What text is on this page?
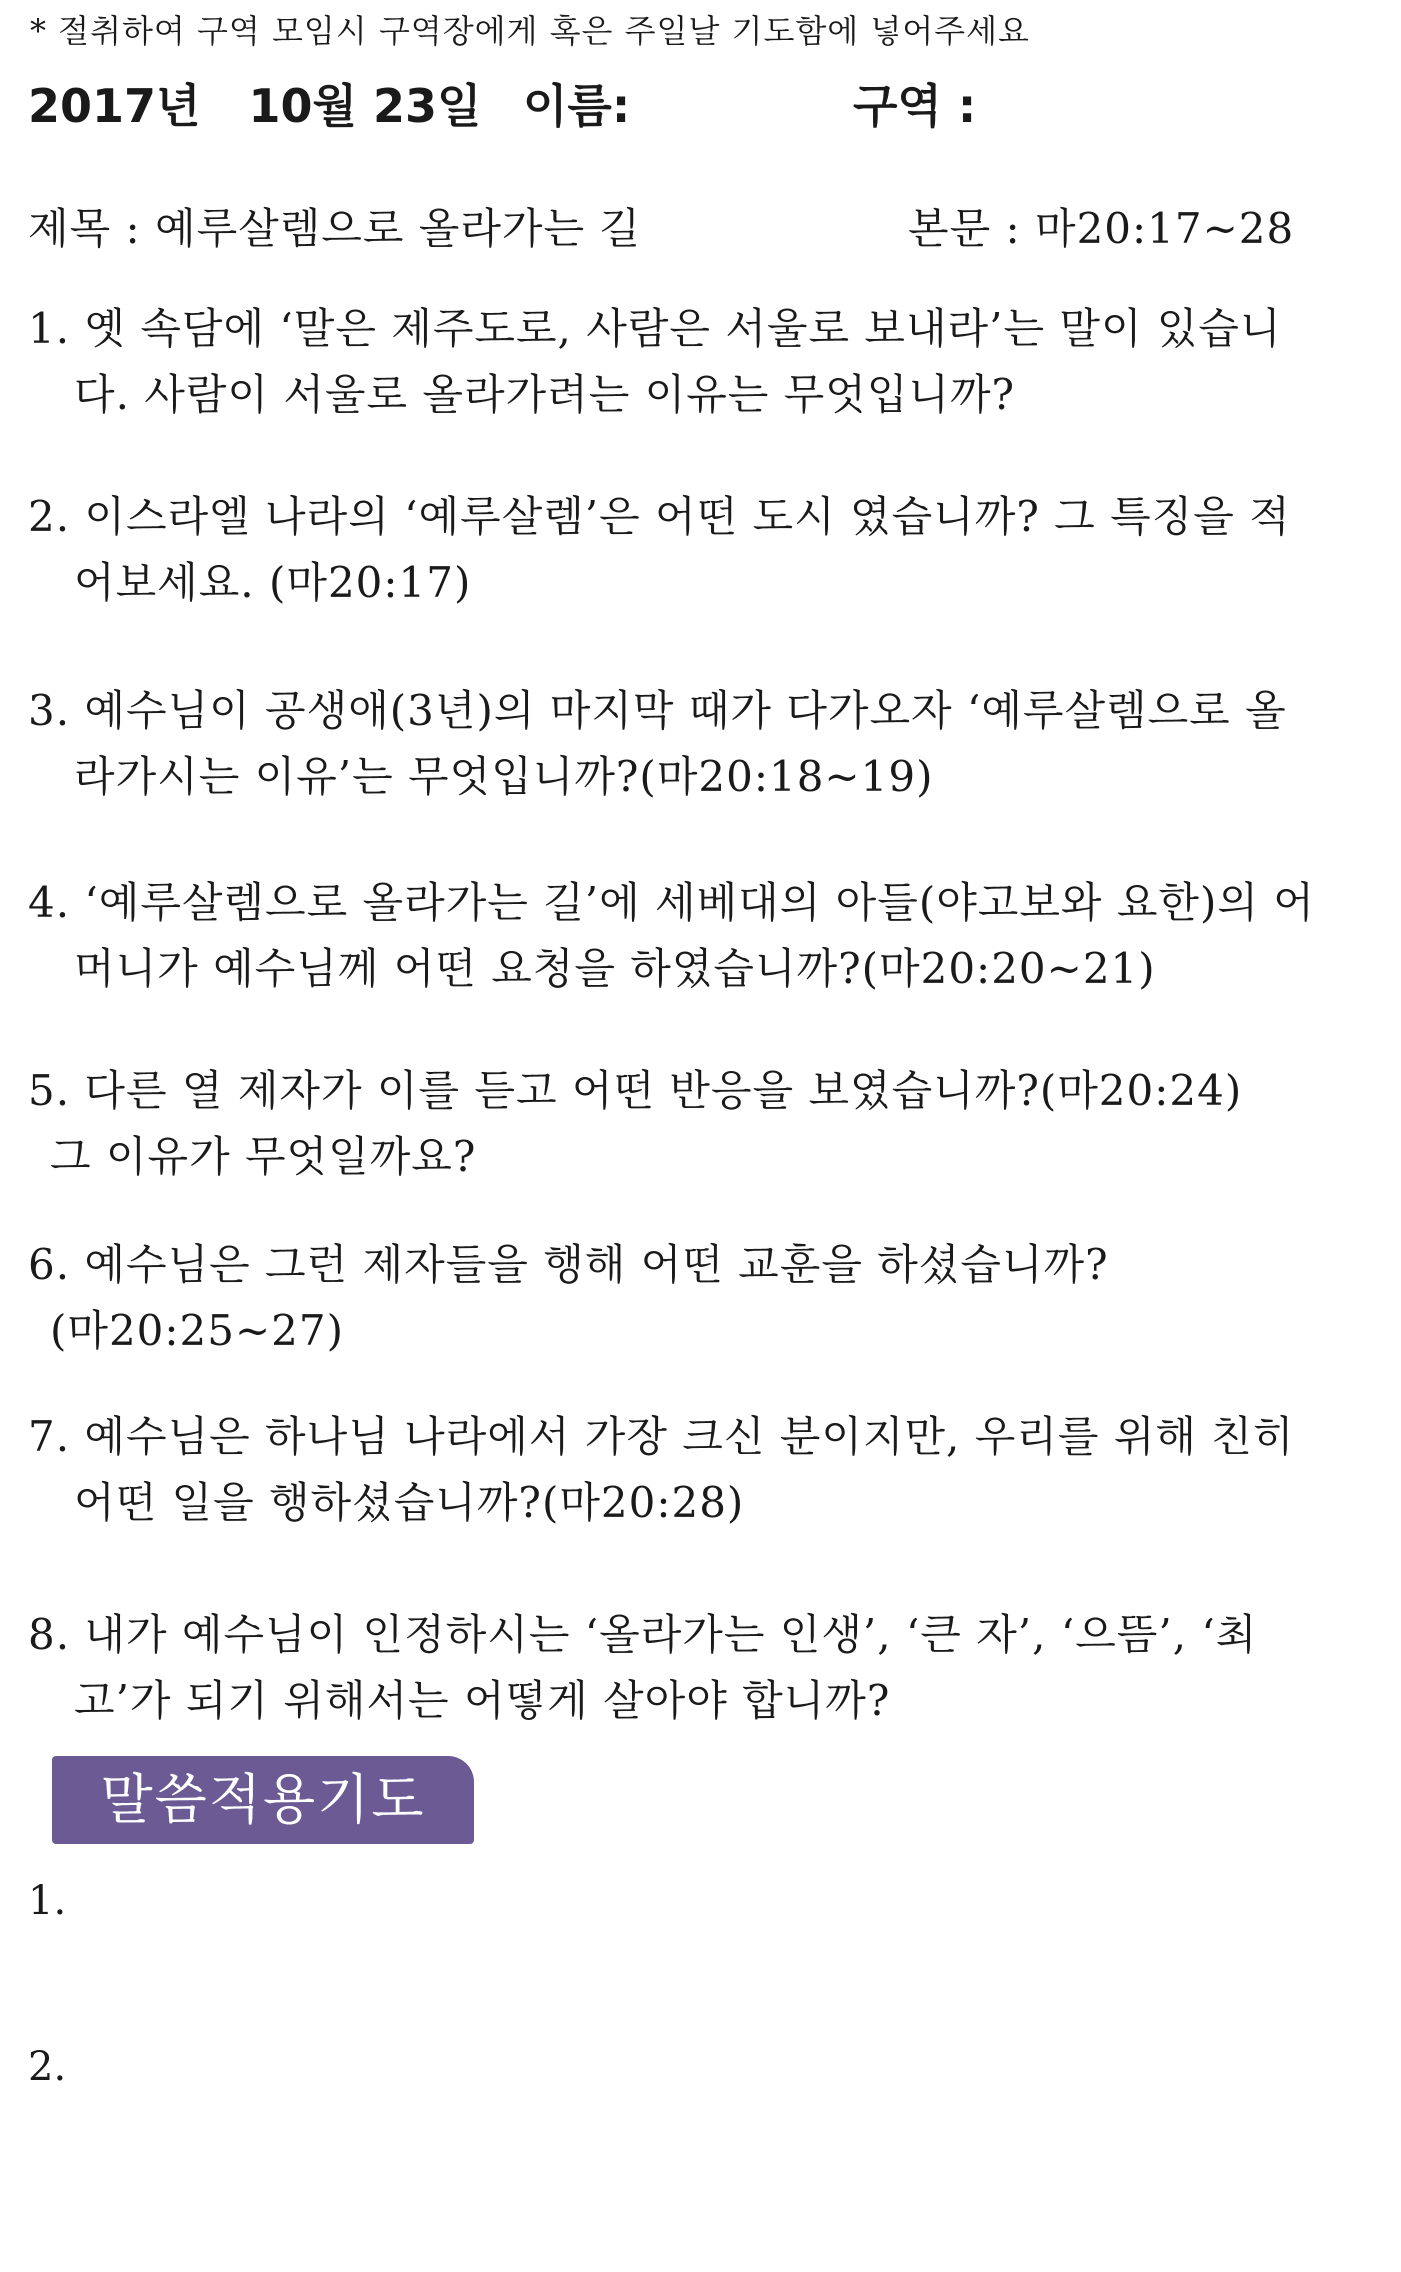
* 절취하여 구역 모임시 구역장에게 혹은 주일날 기도함에 넣어주세요
2017년   10월 23일 이름:	구역 :
제목 : 예루살렘으로 올라가는 길	본문 : 마20:17~28
1. 옛 속담에 ‘말은 제주도로, 사람은 서울로 보내라’는 말이 있습니
다. 사람이 서울로 올라가려는 이유는 무엇입니까?
2. 이스라엘 나라의 ‘예루살렘’은 어떤 도시 였습니까? 그 특징을 적
어보세요. (마20:17)
3. 예수님이 공생애(3년)의 마지막 때가 다가오자 ‘예루살렘으로 올
라가시는 이유’는 무엇입니까?(마20:18~19)
4. ‘예루살렘으로 올라가는 길’에 세베대의 아들(야고보와 요한)의 어
머니가 예수님께 어떤 요청을 하였습니까?(마20:20~21)
5. 다른 열 제자가 이를 듣고 어떤 반응을 보였습니까?(마20:24)
그 이유가 무엇일까요?
6. 예수님은 그런 제자들을 행해 어떤 교훈을 하셨습니까?
(마20:25~27)
7. 예수님은 하나님 나라에서 가장 크신 분이지만, 우리를 위해 친히
어떤 일을 행하셨습니까?(마20:28)
8. 내가 예수님이 인정하시는 ‘올라가는 인생’, ‘큰 자’, ‘으뜸’, ‘최
고’가 되기 위해서는 어떻게 살아야 합니까?
말씀적용기도
1.
2.
